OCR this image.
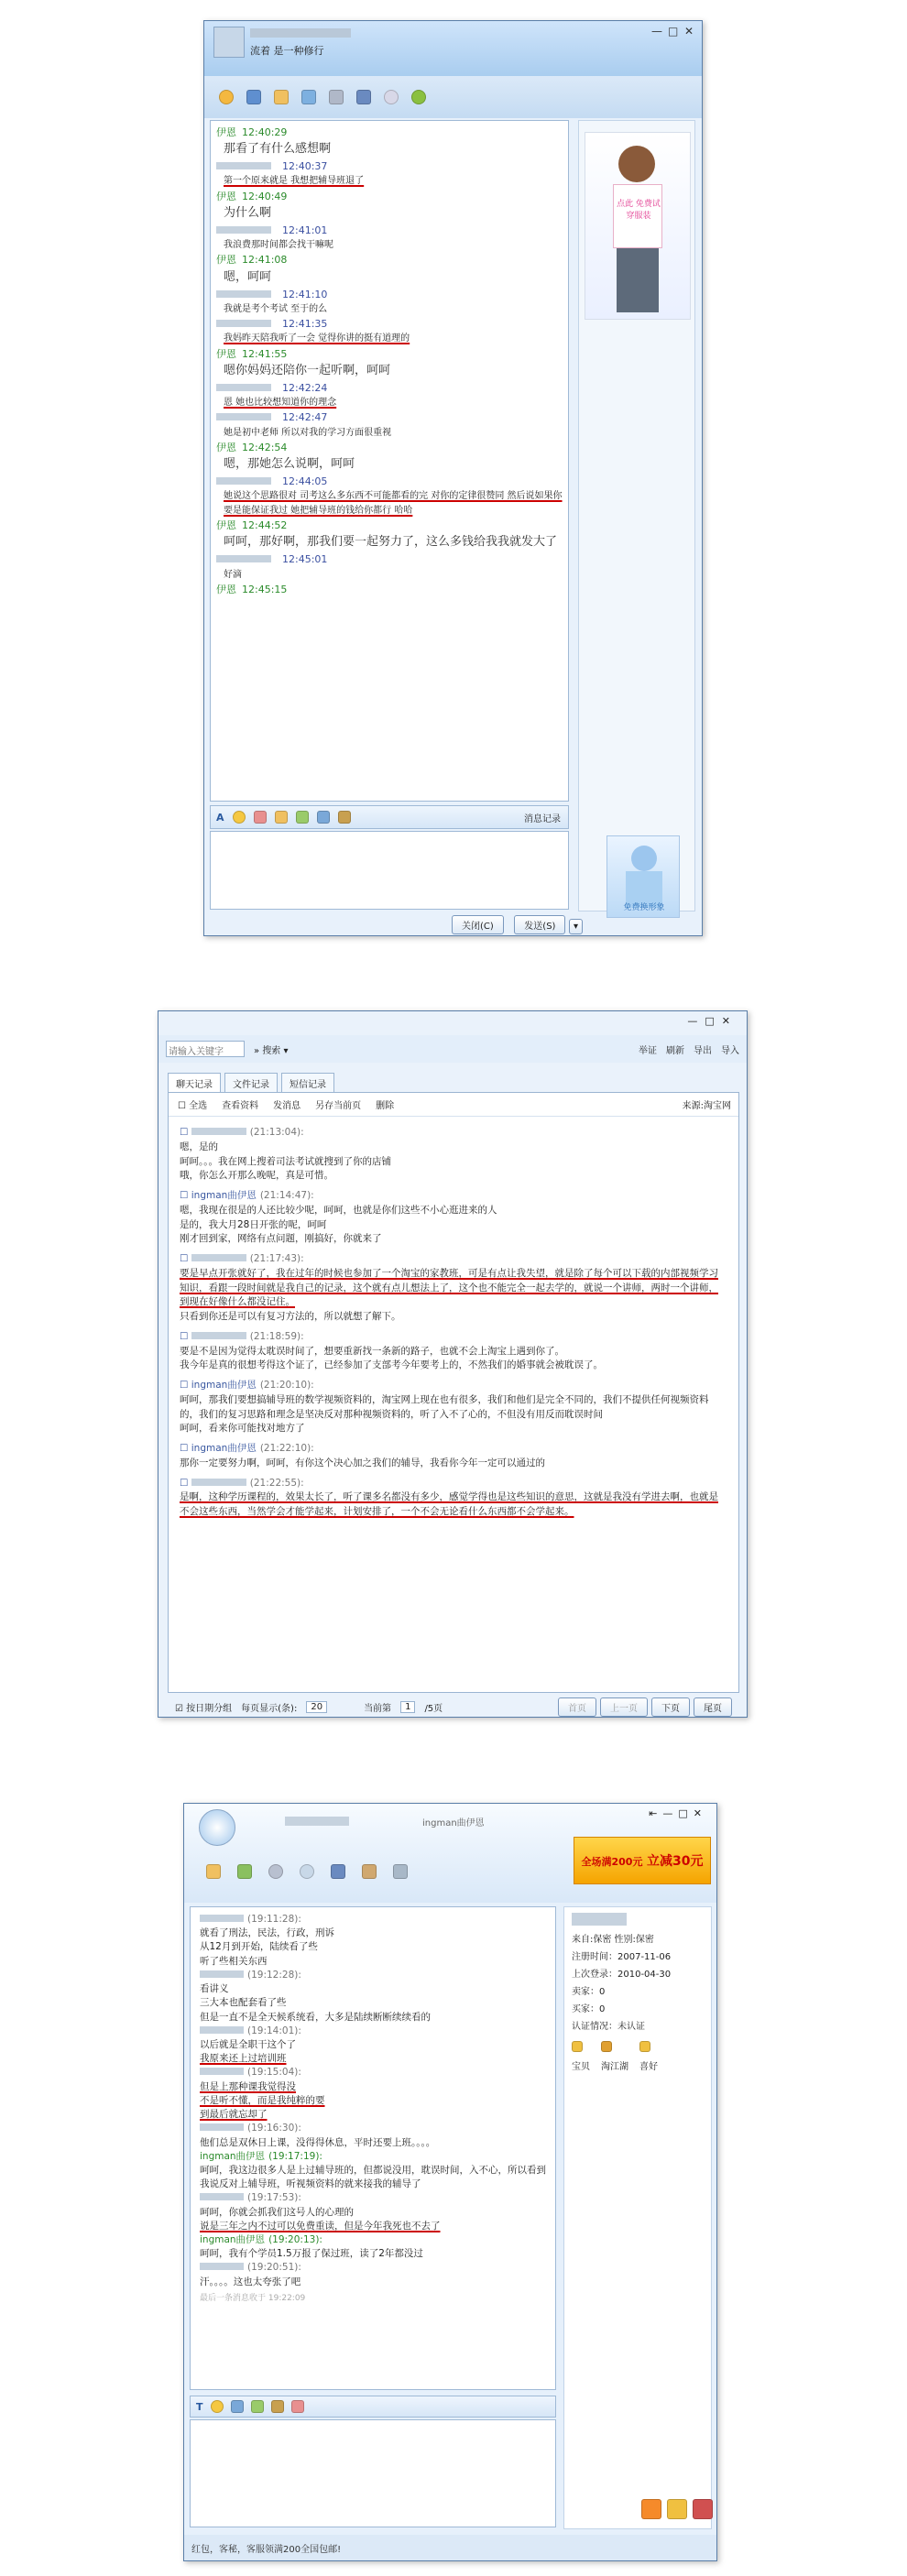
流着 是一种修行
— □ ✕
伊恩 12:40:29
那看了有什么感想啊
12:40:37
第一个原来就是 我想把辅导班退了
伊恩 12:40:49
为什么啊
12:41:01
我浪费那时间都会找干嘛呢
伊恩 12:41:08
嗯，呵呵
12:41:10
我就是考个考试 至于的么
12:41:35
我妈昨天陪我听了一会 觉得你讲的挺有道理的
伊恩 12:41:55
嗯你妈妈还陪你一起听啊，呵呵
12:42:24
恩 她也比较想知道你的理念
12:42:47
她是初中老师 所以对我的学习方面很重视
伊恩 12:42:54
嗯，那她怎么说啊，呵呵
12:44:05
她说这个思路很对 司考这么多东西不可能都看的完 对你的定律很赞同 然后说如果你要是能保证我过 她把辅导班的钱给你都行 哈哈
伊恩 12:44:52
呵呵，那好啊，那我们要一起努力了，这么多钱给我我就发大了
12:45:01
好滴
伊恩 12:45:15
A	消息记录
关闭(C)	发送(S) ▾
点此 免费试穿服装
免费换形象
—□✕
请输入关键字	» 搜索 ▾	举证 刷新 导出 导入
聊天记录	文件记录	短信记录
☐ 全选 查看资料 发消息 另存当前页 删除	来源:淘宝网
☐	(21:13:04):

嗯，是的

呵呵。。。我在网上搜着司法考试就搜到了你的店铺

哦，你怎么开那么晚呢，真是可惜。

☐ ingman曲伊恩 (21:14:47):

嗯，我现在很是的人还比较少呢，呵呵，也就是你们这些不小心逛进来的人

是的，我大月28日开张的呢，呵呵

刚才回到家，网络有点问题，刚搞好，你就来了

☐	(21:17:43):

要是早点开张就好了，我在过年的时候也参加了一个淘宝的家教班，可是有点让我失望，就是除了每个可以下载的内部视频学习知识，看跟一段时间就是我自己的记录，这个就有点儿想法上了，这个也不能完全一起去学的，就说一个讲师，两时一个讲师，到现在好像什么都没记住。

只看到你还是可以有复习方法的，所以就想了解下。

☐	(21:18:59):

要是不是因为觉得太耽误时间了，想要重新找一条新的路子，也就不会上淘宝上遇到你了。

我今年是真的很想考得这个证了，已经参加了支部考今年要考上的，不然我们的婚事就会被耽误了。

☐ ingman曲伊恩 (21:20:10):

呵呵，那我们要想搞辅导班的数学视频资料的，淘宝网上现在也有很多，我们和他们是完全不同的，我们不提供任何视频资料的，我们的复习思路和理念是坚决反对那种视频资料的，听了入不了心的，不但没有用反而耽误时间

呵呵，看来你可能找对地方了

☐ ingman曲伊恩 (21:22:10):

那你一定要努力啊，呵呵，有你这个决心加之我们的辅导，我看你今年一定可以通过的

☐	(21:22:55):

是啊，这种学历课程的，效果太长了，听了课多名都没有多少，感觉学得也是这些知识的意思，这就是我没有学进去啊，也就是不会这些东西，当然学会才能学起来，计划安排了，一个不会无论看什么东西都不会学起来。

☑ 按日期分组 每页显示(条):	20	当前第	1	/5页	首页	上一页	下页	尾页
ingman曲伊恩
⇤—□✕
全场满200元 立减30元
(19:11:28):
就看了刑法，民法，行政，刑诉
从12月到开始，陆续看了些
听了些相关东西
(19:12:28):
看讲义
三大本也配套看了些
但是一直不是全天候系统看，大多是陆续断断续续看的
(19:14:01):
以后就是全职干这个了
我原来还上过培训班
(19:15:04):
但是上那种课我觉得没
不是听不懂，而是我纯粹的要
到最后就忘却了
(19:16:30):
他们总是双休日上课，没得得休息，平时还要上班。。。。
ingman曲伊恩 (19:17:19):
呵呵，我这边很多人是上过辅导班的，但都说没用，耽误时间，入不心，所以看到我说反对上辅导班，听视频资料的就来接我的辅导了
(19:17:53):
呵呵，你就会抓我们这号人的心理的
说是三年之内不过可以免费重读，但是今年我死也不去了
ingman曲伊恩 (19:20:13):
呵呵，我有个学员1.5万报了保过班，读了2年都没过
(19:20:51):
汗。。。。这也太夸张了吧
最后一条消息收于 19:22:09
T
来自:保密 性别:保密
注册时间：2007-11-06
上次登录：2010-04-30
卖家：0
买家：0
认证情况：未认证

宝贝 淘江湖 喜好
红包，客秘，客服领满200全国包邮!
